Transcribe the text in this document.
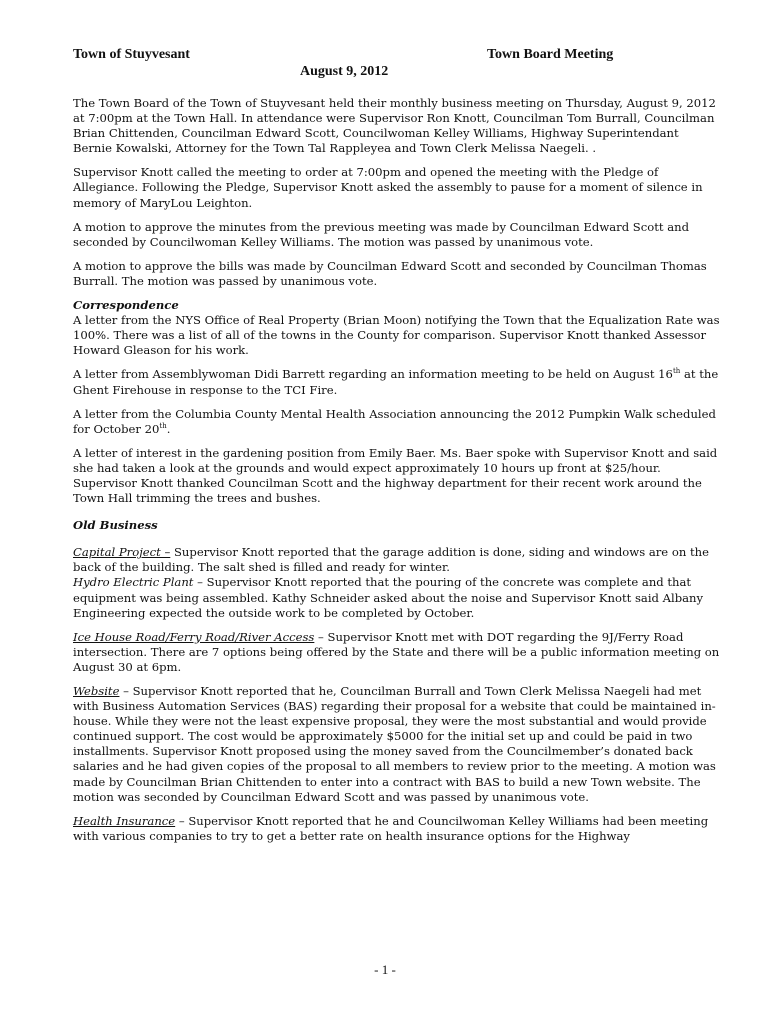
Town of Stuyvesant	Town Board Meeting
August 9, 2012

The Town Board of the Town of Stuyvesant held their monthly business meeting on Thursday, August 9, 2012 at 7:00pm at the Town Hall. In attendance were Supervisor Ron Knott, Councilman Tom Burrall, Councilman Brian Chittenden, Councilman Edward Scott, Councilwoman Kelley Williams, Highway Superintendant Bernie Kowalski, Attorney for the Town Tal Rappleyea and Town Clerk Melissa Naegeli. .

Supervisor Knott called the meeting to order at 7:00pm and opened the meeting with the Pledge of Allegiance. Following the Pledge, Supervisor Knott asked the assembly to pause for a moment of silence in memory of MaryLou Leighton.

A motion to approve the minutes from the previous meeting was made by Councilman Edward Scott and seconded by Councilwoman Kelley Williams. The motion was passed by unanimous vote.

A motion to approve the bills was made by Councilman Edward Scott and seconded by Councilman Thomas Burrall. The motion was passed by unanimous vote.

Correspondence

A letter from the NYS Office of Real Property (Brian Moon) notifying the Town that the Equalization Rate was 100%. There was a list of all of the towns in the County for comparison. Supervisor Knott thanked Assessor Howard Gleason for his work.

A letter from Assemblywoman Didi Barrett regarding an information meeting to be held on August 16th at the Ghent Firehouse in response to the TCI Fire.

A letter from the Columbia County Mental Health Association announcing the 2012 Pumpkin Walk scheduled for October 20th.

A letter of interest in the gardening position from Emily Baer. Ms. Baer spoke with Supervisor Knott and said she had taken a look at the grounds and would expect approximately 10 hours up front at $25/hour. Supervisor Knott thanked Councilman Scott and the highway department for their recent work around the Town Hall trimming the trees and bushes.

Old Business

Capital Project – Supervisor Knott reported that the garage addition is done, siding and windows are on the back of the building. The salt shed is filled and ready for winter.

Hydro Electric Plant – Supervisor Knott reported that the pouring of the concrete was complete and that equipment was being assembled. Kathy Schneider asked about the noise and Supervisor Knott said Albany Engineering expected the outside work to be completed by October.

Ice House Road/Ferry Road/River Access – Supervisor Knott met with DOT regarding the 9J/Ferry Road intersection. There are 7 options being offered by the State and there will be a public information meeting on August 30 at 6pm.

Website – Supervisor Knott reported that he, Councilman Burrall and Town Clerk Melissa Naegeli had met with Business Automation Services (BAS) regarding their proposal for a website that could be maintained in-house. While they were not the least expensive proposal, they were the most substantial and would provide continued support. The cost would be approximately $5000 for the initial set up and could be paid in two installments. Supervisor Knott proposed using the money saved from the Councilmember’s donated back salaries and he had given copies of the proposal to all members to review prior to the meeting. A motion was made by Councilman Brian Chittenden to enter into a contract with BAS to build a new Town website. The motion was seconded by Councilman Edward Scott and was passed by unanimous vote.

Health Insurance – Supervisor Knott reported that he and Councilwoman Kelley Williams had been meeting with various companies to try to get a better rate on health insurance options for the Highway

- 1 -
